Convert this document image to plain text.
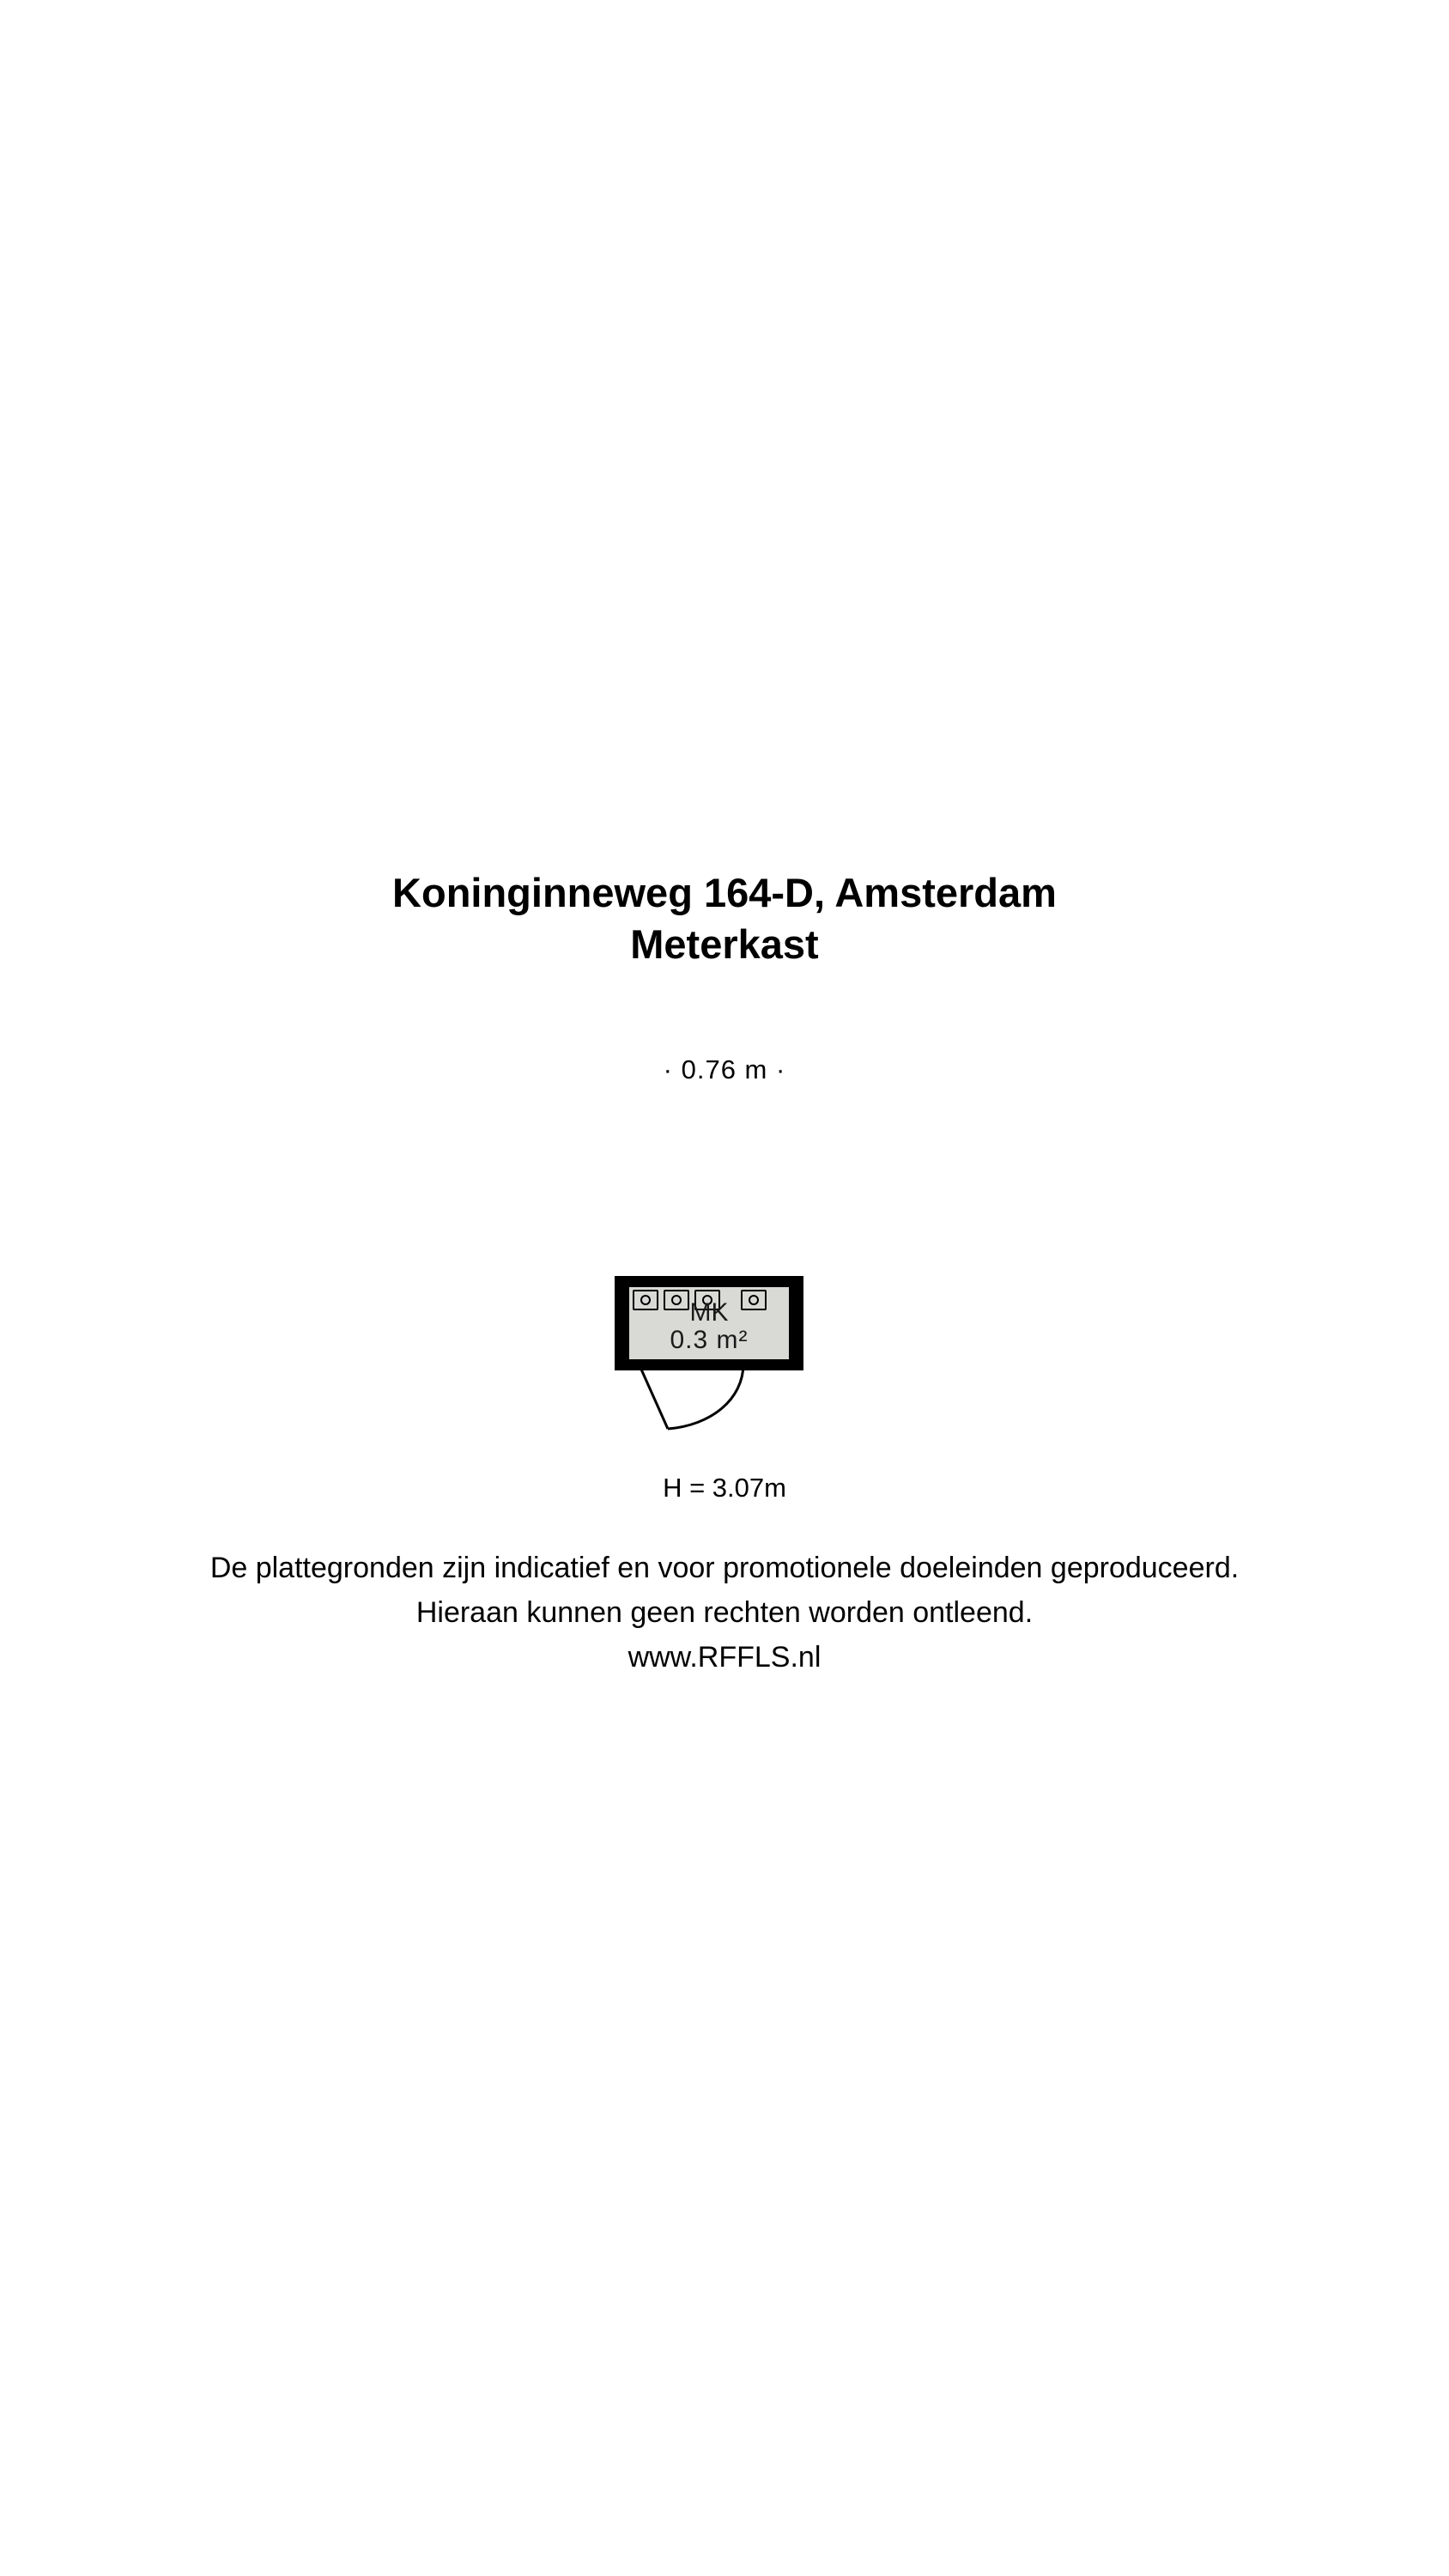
Koninginneweg 164-D, Amsterdam
Meterkast
· 0.76 m ·
MK
0.3 m²
H = 3.07m
De plattegronden zijn indicatief en voor promotionele doeleinden geproduceerd.
Hieraan kunnen geen rechten worden ontleend.
www.RFFLS.nl
